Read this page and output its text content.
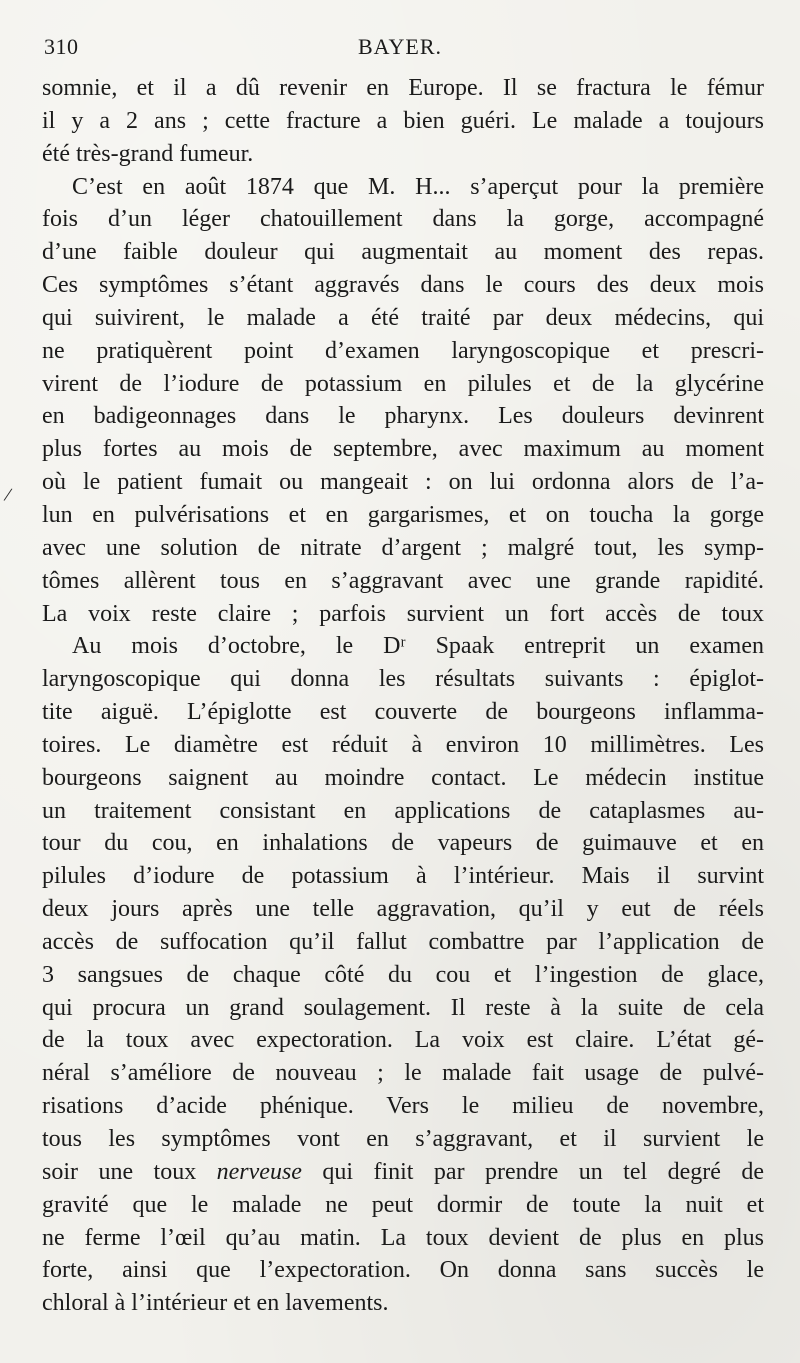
310	BAYER.
/
somnie, et il a dû revenir en Europe. Il se fractura le fémur
il y a 2 ans ; cette fracture a bien guéri. Le malade a toujours
été très-grand fumeur.
C’est en août 1874 que M. H... s’aperçut pour la première
fois d’un léger chatouillement dans la gorge, accompagné
d’une faible douleur qui augmentait au moment des repas.
Ces symptômes s’étant aggravés dans le cours des deux mois
qui suivirent, le malade a été traité par deux médecins, qui
ne pratiquèrent point d’examen laryngoscopique et prescri-
virent de l’iodure de potassium en pilules et de la glycérine
en badigeonnages dans le pharynx. Les douleurs devinrent
plus fortes au mois de septembre, avec maximum au moment
où le patient fumait ou mangeait : on lui ordonna alors de l’a-
lun en pulvérisations et en gargarismes, et on toucha la gorge
avec une solution de nitrate d’argent ; malgré tout, les symp-
tômes allèrent tous en s’aggravant avec une grande rapidité.
La voix reste claire ; parfois survient un fort accès de toux
Au mois d’octobre, le Dʳ Spaak entreprit un examen
laryngoscopique qui donna les résultats suivants : épiglot-
tite aiguë. L’épiglotte est couverte de bourgeons inflamma-
toires. Le diamètre est réduit à environ 10 millimètres. Les
bourgeons saignent au moindre contact. Le médecin institue
un traitement consistant en applications de cataplasmes au-
tour du cou, en inhalations de vapeurs de guimauve et en
pilules d’iodure de potassium à l’intérieur. Mais il survint
deux jours après une telle aggravation, qu’il y eut de réels
accès de suffocation qu’il fallut combattre par l’application de
3 sangsues de chaque côté du cou et l’ingestion de glace,
qui procura un grand soulagement. Il reste à la suite de cela
de la toux avec expectoration. La voix est claire. L’état gé-
néral s’améliore de nouveau ; le malade fait usage de pulvé-
risations d’acide phénique. Vers le milieu de novembre,
tous les symptômes vont en s’aggravant, et il survient le
soir une toux nerveuse qui finit par prendre un tel degré de
gravité que le malade ne peut dormir de toute la nuit et
ne ferme l’œil qu’au matin. La toux devient de plus en plus
forte, ainsi que l’expectoration. On donna sans succès le
chloral à l’intérieur et en lavements.
